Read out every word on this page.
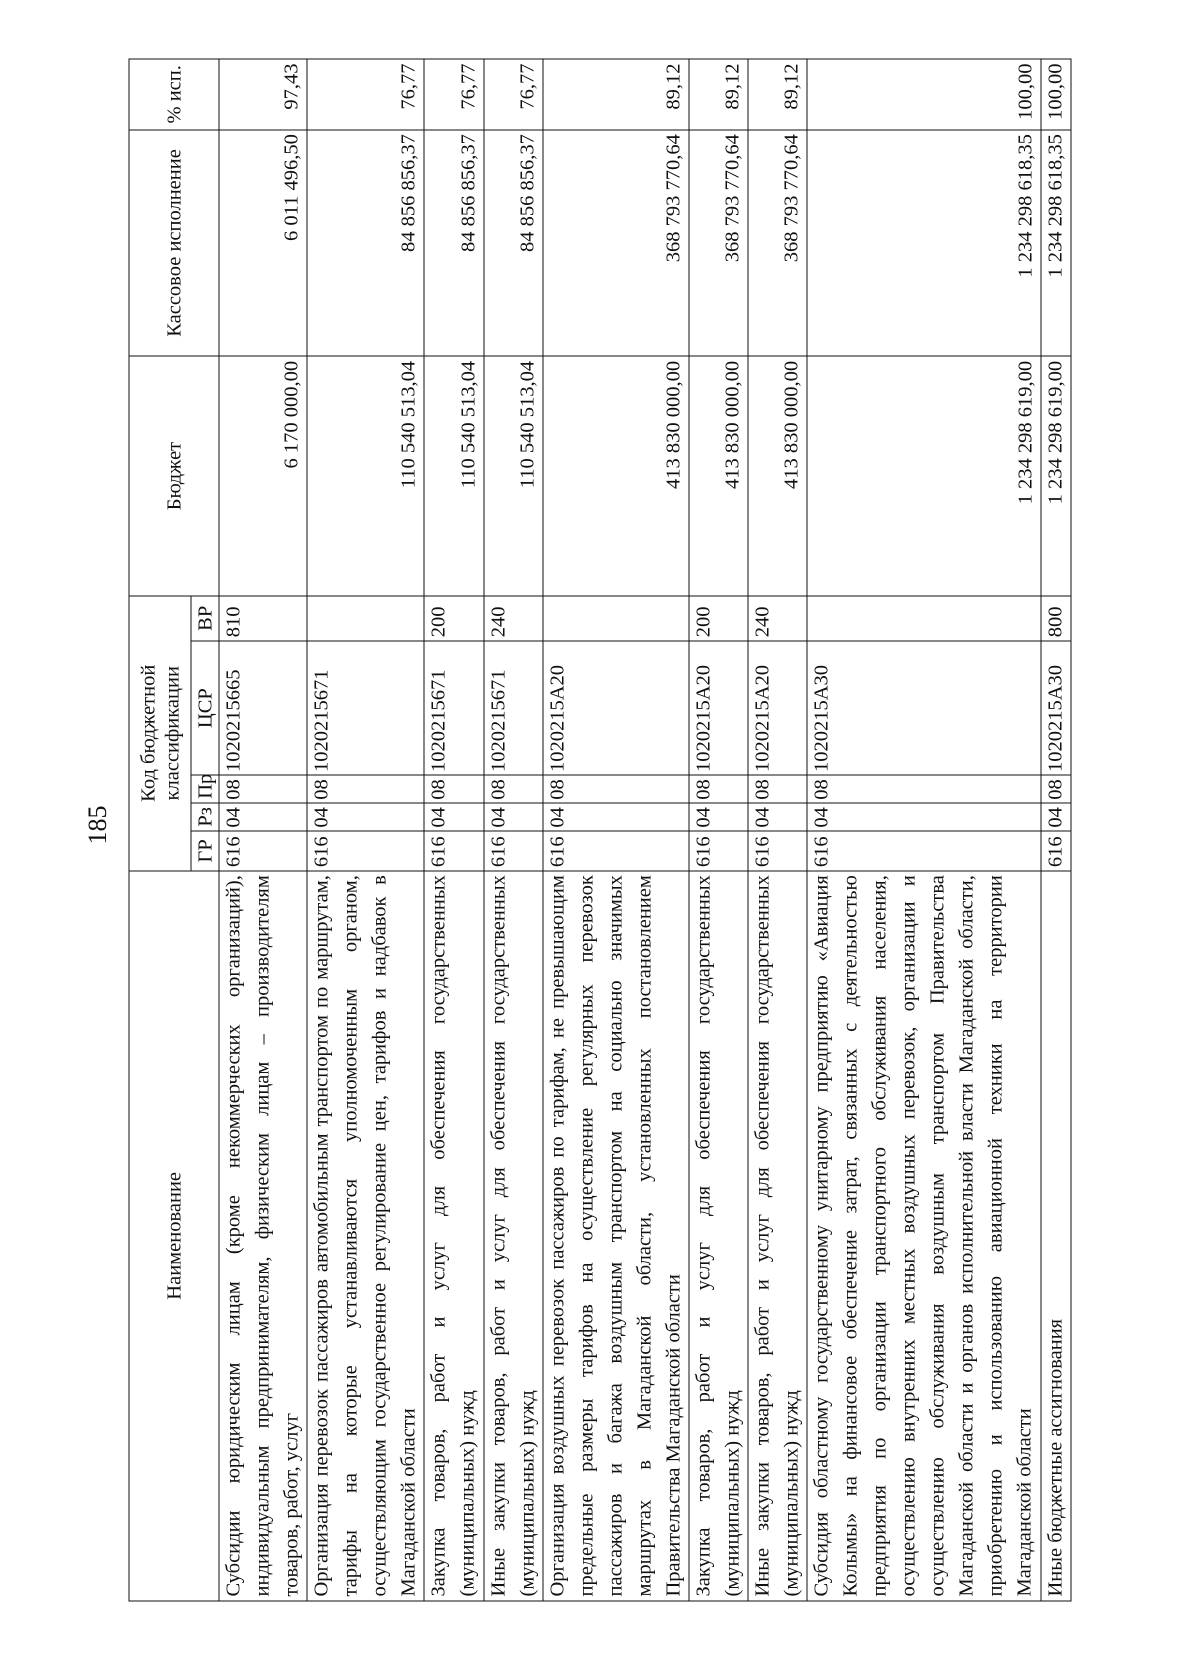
185
Наименование	Код бюджетной классификации					Бюджет	Кассовое исполнение	% исп.
	ГР	Рз	Пр	ЦСР	ВР			
Субсидии юридическим лицам (кроме некоммерческих организаций), индивидуальным предпринимателям, физическим лицам – производителям товаров, работ, услуг	616	04	08	1020215665	810	6 170 000,00	6 011 496,50	97,43
Организация перевозок пассажиров автомобильным транспортом по маршрутам, тарифы на которые устанавливаются уполномоченным органом, осуществляющим государственное регулирование цен, тарифов и надбавок в Магаданской области	616	04	08	1020215671		110 540 513,04	84 856 856,37	76,77
Закупка товаров, работ и услуг для обеспечения государственных (муниципальных) нужд	616	04	08	1020215671	200	110 540 513,04	84 856 856,37	76,77
Иные закупки товаров, работ и услуг для обеспечения государственных (муниципальных) нужд	616	04	08	1020215671	240	110 540 513,04	84 856 856,37	76,77
Организация воздушных перевозок пассажиров по тарифам, не превышающим предельные размеры тарифов на осуществление регулярных перевозок пассажиров и багажа воздушным транспортом на социально значимых маршрутах в Магаданской области, установленных постановлением Правительства Магаданской области	616	04	08	1020215А20		413 830 000,00	368 793 770,64	89,12
Закупка товаров, работ и услуг для обеспечения государственных (муниципальных) нужд	616	04	08	1020215А20	200	413 830 000,00	368 793 770,64	89,12
Иные закупки товаров, работ и услуг для обеспечения государственных (муниципальных) нужд	616	04	08	1020215А20	240	413 830 000,00	368 793 770,64	89,12
Субсидия областному государственному унитарному предприятию «Авиация Колымы» на финансовое обеспечение затрат, связанных с деятельностью предприятия по организации транспортного обслуживания населения, осуществлению внутренних местных воздушных перевозок, организации и осуществлению обслуживания воздушным транспортом Правительства Магаданской области и органов исполнительной власти Магаданской области, приобретению и использованию авиационной техники на территории Магаданской области	616	04	08	1020215А30		1 234 298 619,00	1 234 298 618,35	100,00
Иные бюджетные ассигнования	616	04	08	1020215А30	800	1 234 298 619,00	1 234 298 618,35	100,00
